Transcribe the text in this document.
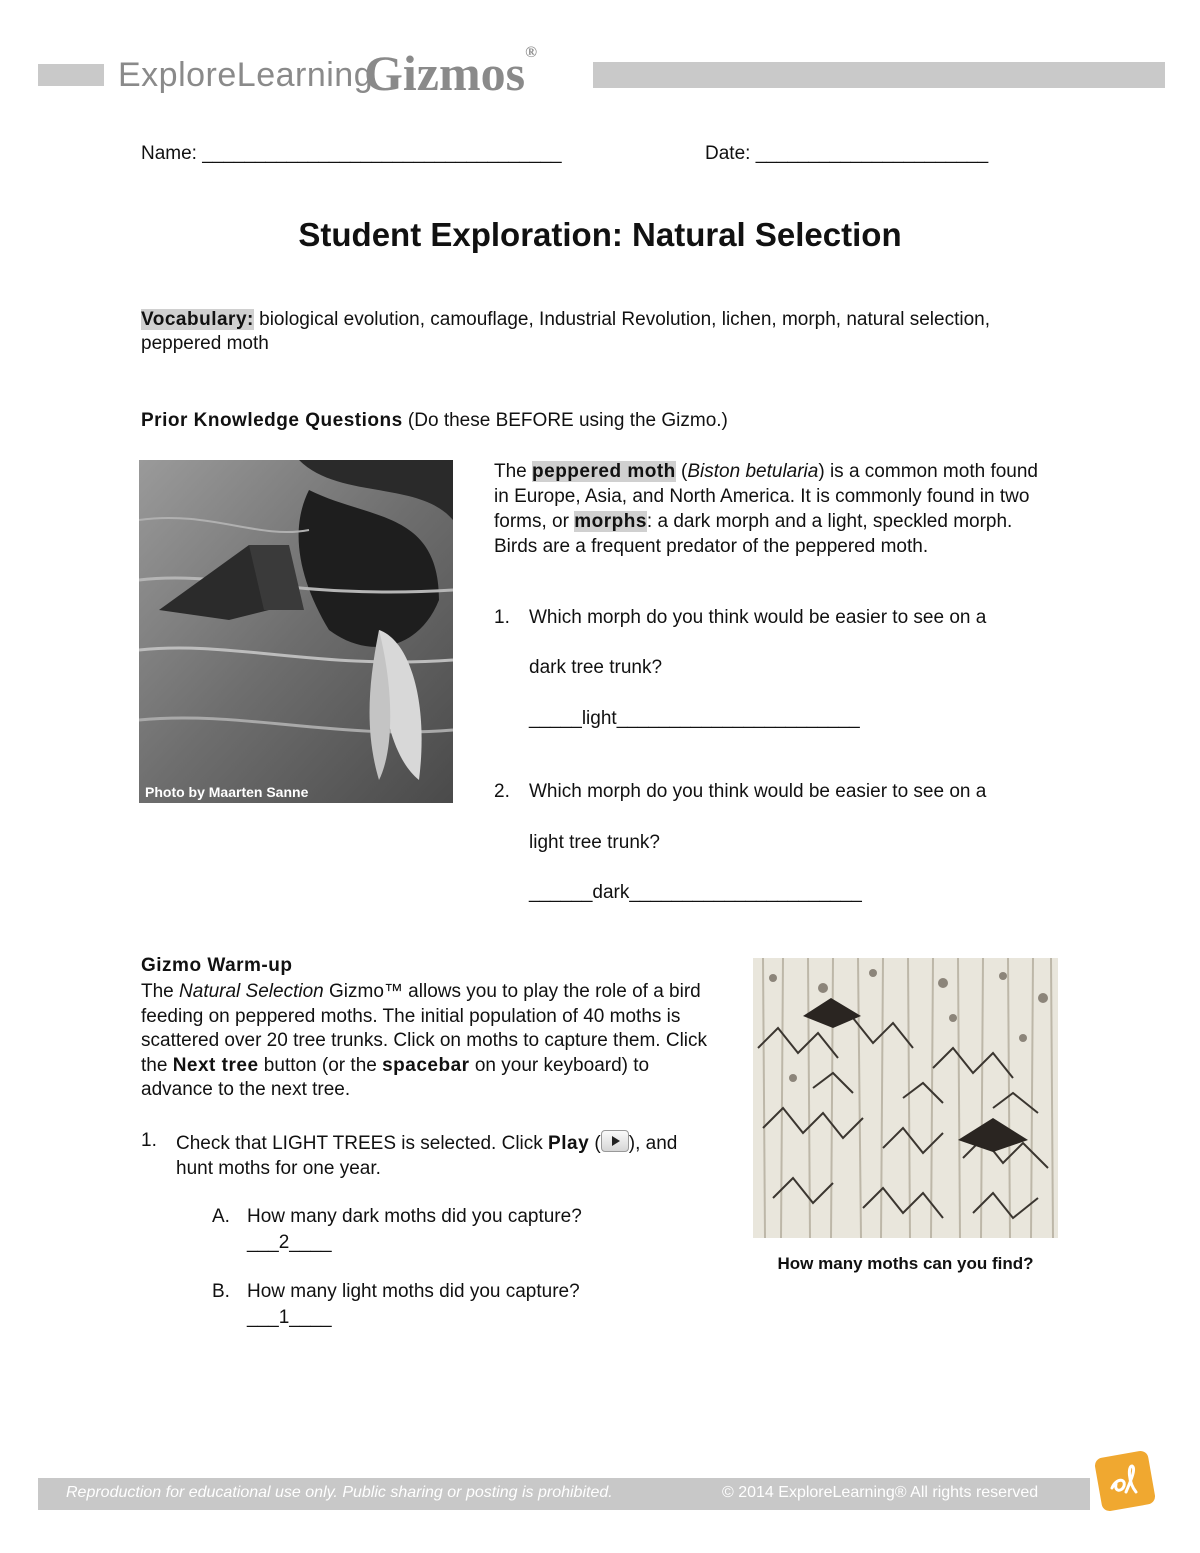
ExploreLearning
Gizmos®
Name: __________________________________	Date: ______________________
Student Exploration: Natural Selection
Vocabulary: biological evolution, camouflage, Industrial Revolution, lichen, morph, natural selection, peppered moth
Prior Knowledge Questions (Do these BEFORE using the Gizmo.)
Photo by Maarten Sanne
The peppered moth (Biston betularia) is a common moth found in Europe, Asia, and North America. It is commonly found in two forms, or morphs: a dark morph and a light, speckled morph. Birds are a frequent predator of the peppered moth.
1. Which morph do you think would be easier to see on a
dark tree trunk?
_____light_______________________
2. Which morph do you think would be easier to see on a
light tree trunk?
______dark______________________
Gizmo Warm-up
The Natural Selection Gizmo™ allows you to play the role of a bird feeding on peppered moths. The initial population of 40 moths is scattered over 20 tree trunks. Click on moths to capture them. Click the Next tree button (or the spacebar on your keyboard) to advance to the next tree.
1. Check that LIGHT TREES is selected. Click Play ( ), and hunt moths for one year.
A. How many dark moths did you capture?
___2____
B. How many light moths did you capture?
___1____
How many moths can you find?
Reproduction for educational use only. Public sharing or posting is prohibited.	© 2014 ExploreLearning® All rights reserved
